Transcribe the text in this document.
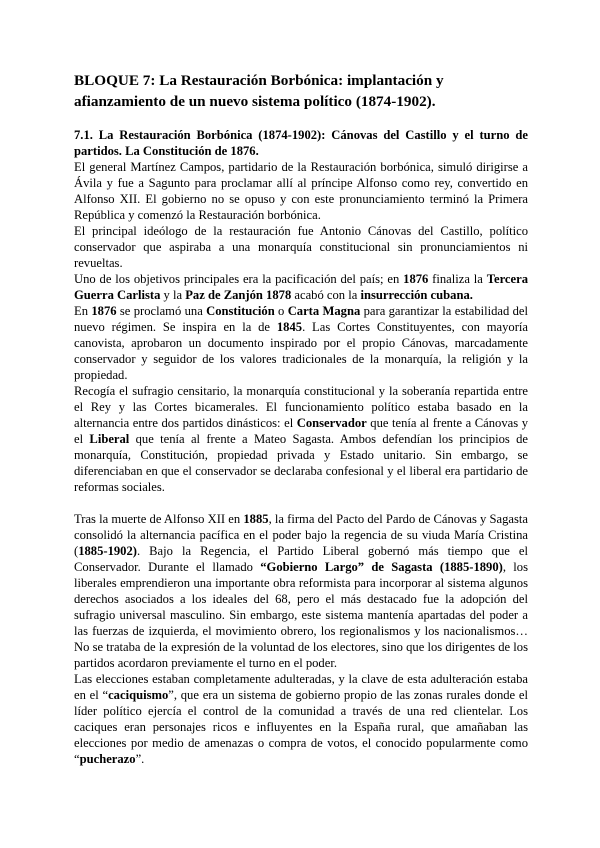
BLOQUE 7: La Restauración Borbónica: implantación y afianzamiento de un nuevo sistema político (1874-1902).

7.1. La Restauración Borbónica (1874-1902): Cánovas del Castillo y el turno de partidos. La Constitución de 1876.

El general Martínez Campos, partidario de la Restauración borbónica, simuló dirigirse a Ávila y fue a Sagunto para proclamar allí al príncipe Alfonso como rey, convertido en Alfonso XII. El gobierno no se opuso y con este pronunciamiento terminó la Primera República y comenzó la Restauración borbónica.

El principal ideólogo de la restauración fue Antonio Cánovas del Castillo, político conservador que aspiraba a una monarquía constitucional sin pronunciamientos ni revueltas.

Uno de los objetivos principales era la pacificación del país; en 1876 finaliza la Tercera Guerra Carlista y la Paz de Zanjón 1878 acabó con la insurrección cubana.

En 1876 se proclamó una Constitución o Carta Magna para garantizar la estabilidad del nuevo régimen. Se inspira en la de 1845. Las Cortes Constituyentes, con mayoría canovista, aprobaron un documento inspirado por el propio Cánovas, marcadamente conservador y seguidor de los valores tradicionales de la monarquía, la religión y la propiedad.

Recogía el sufragio censitario, la monarquía constitucional y la soberanía repartida entre el Rey y las Cortes bicamerales. El funcionamiento político estaba basado en la alternancia entre dos partidos dinásticos: el Conservador que tenía al frente a Cánovas y el Liberal que tenía al frente a Mateo Sagasta. Ambos defendían los principios de monarquía, Constitución, propiedad privada y Estado unitario. Sin embargo, se diferenciaban en que el conservador se declaraba confesional y el liberal era partidario de reformas sociales.

Tras la muerte de Alfonso XII en 1885, la firma del Pacto del Pardo de Cánovas y Sagasta consolidó la alternancia pacífica en el poder bajo la regencia de su viuda María Cristina (1885-1902). Bajo la Regencia, el Partido Liberal gobernó más tiempo que el Conservador. Durante el llamado “Gobierno Largo” de Sagasta (1885-1890), los liberales emprendieron una importante obra reformista para incorporar al sistema algunos derechos asociados a los ideales del 68, pero el más destacado fue la adopción del sufragio universal masculino. Sin embargo, este sistema mantenía apartadas del poder a las fuerzas de izquierda, el movimiento obrero, los regionalismos y los nacionalismos… No se trataba de la expresión de la voluntad de los electores, sino que los dirigentes de los partidos acordaron previamente el turno en el poder.

Las elecciones estaban completamente adulteradas, y la clave de esta adulteración estaba en el “caciquismo”, que era un sistema de gobierno propio de las zonas rurales donde el líder político ejercía el control de la comunidad a través de una red clientelar. Los caciques eran personajes ricos e influyentes en la España rural, que amañaban las elecciones por medio de amenazas o compra de votos, el conocido popularmente como “pucherazo”.
